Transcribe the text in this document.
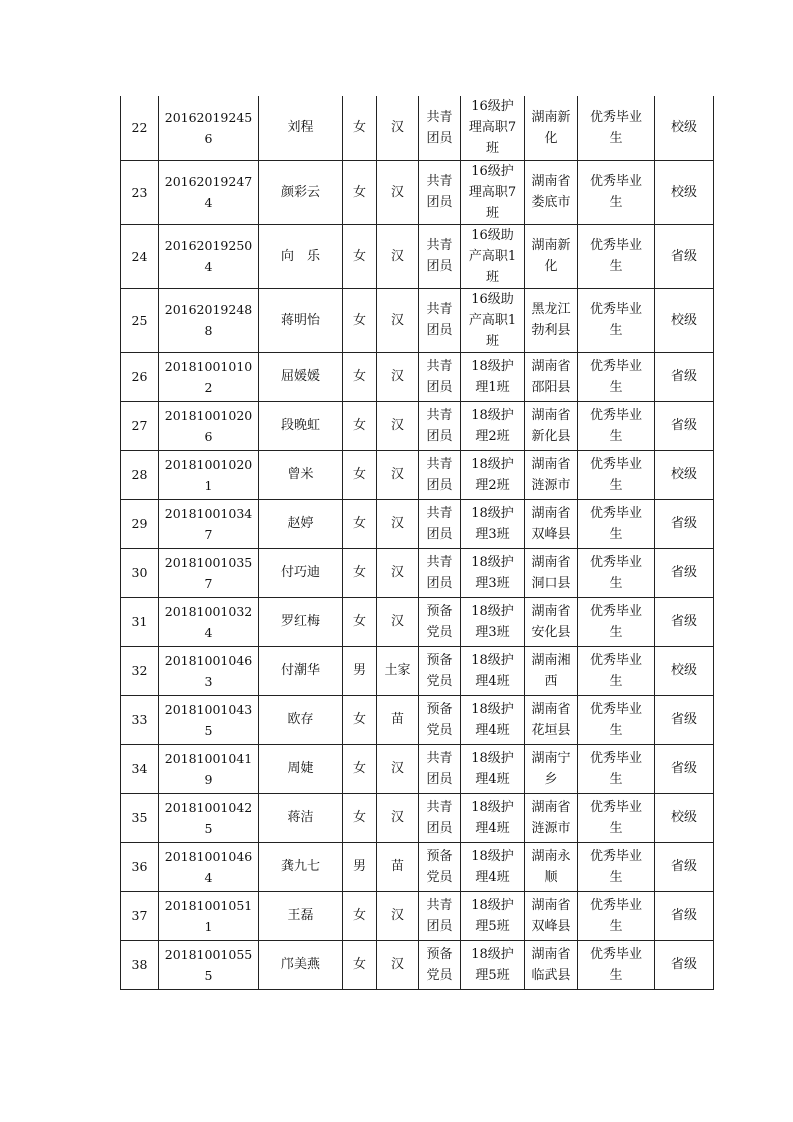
22	201620192456	刘程	女	汉	共青团员	16级护理高职7班	湖南新化	优秀毕业生	校级
23	201620192474	颜彩云	女	汉	共青团员	16级护理高职7班	湖南省娄底市	优秀毕业生	校级
24	201620192504	向　乐	女	汉	共青团员	16级助产高职1班	湖南新化	优秀毕业生	省级
25	201620192488	蒋明怡	女	汉	共青团员	16级助产高职1班	黑龙江勃利县	优秀毕业生	校级
26	201810010102	屈媛媛	女	汉	共青团员	18级护理1班	湖南省邵阳县	优秀毕业生	省级
27	201810010206	段晚虹	女	汉	共青团员	18级护理2班	湖南省新化县	优秀毕业生	省级
28	201810010201	曾米	女	汉	共青团员	18级护理2班	湖南省涟源市	优秀毕业生	校级
29	201810010347	赵婷	女	汉	共青团员	18级护理3班	湖南省双峰县	优秀毕业生	省级
30	201810010357	付巧迪	女	汉	共青团员	18级护理3班	湖南省洞口县	优秀毕业生	省级
31	201810010324	罗红梅	女	汉	预备党员	18级护理3班	湖南省安化县	优秀毕业生	省级
32	201810010463	付潮华	男	土家	预备党员	18级护理4班	湖南湘西	优秀毕业生	校级
33	201810010435	欧存	女	苗	预备党员	18级护理4班	湖南省花垣县	优秀毕业生	省级
34	201810010419	周婕	女	汉	共青团员	18级护理4班	湖南宁乡	优秀毕业生	省级
35	201810010425	蒋洁	女	汉	共青团员	18级护理4班	湖南省涟源市	优秀毕业生	校级
36	201810010464	龚九七	男	苗	预备党员	18级护理4班	湖南永顺	优秀毕业生	省级
37	201810010511	王磊	女	汉	共青团员	18级护理5班	湖南省双峰县	优秀毕业生	省级
38	201810010555	邝美燕	女	汉	预备党员	18级护理5班	湖南省临武县	优秀毕业生	省级
